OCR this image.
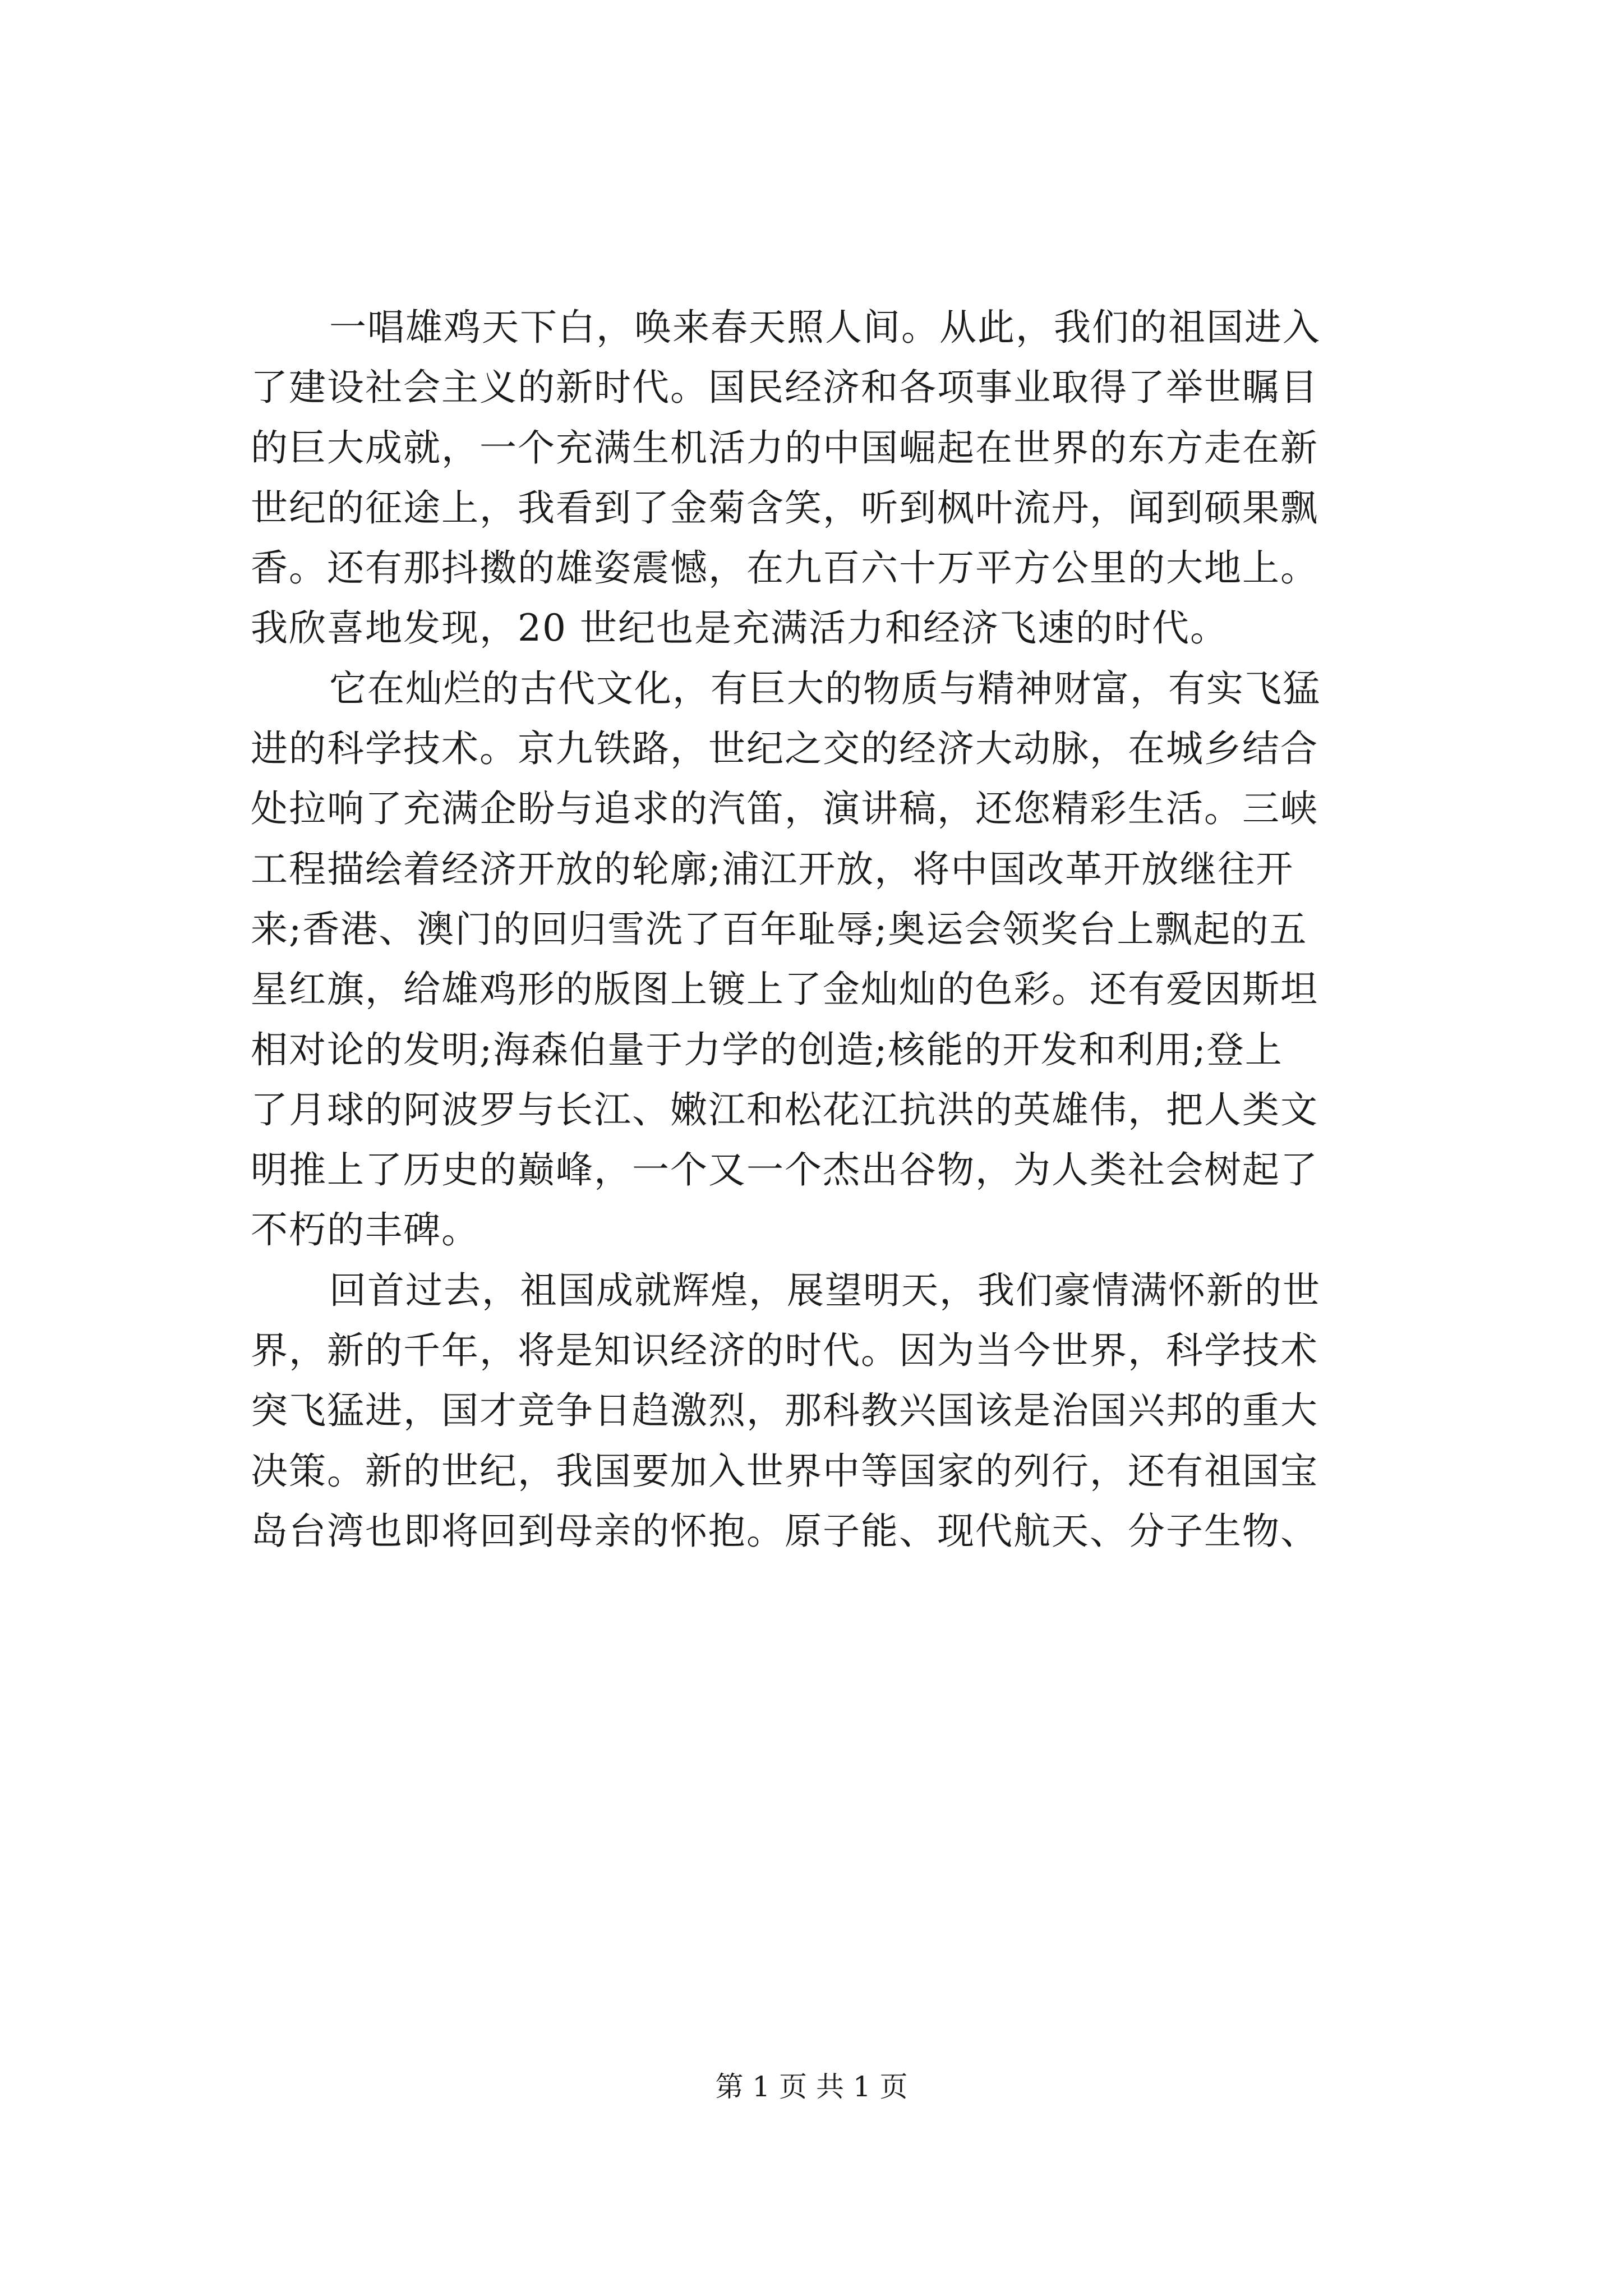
一唱雄鸡天下白，唤来春天照人间。从此，我们的祖国进入
了建设社会主义的新时代。国民经济和各项事业取得了举世瞩目
的巨大成就，一个充满生机活力的中国崛起在世界的东方走在新
世纪的征途上，我看到了金菊含笑，听到枫叶流丹，闻到硕果飘
香。还有那抖擞的雄姿震憾，在九百六十万平方公里的大地上。
我欣喜地发现，20 世纪也是充满活力和经济飞速的时代。
它在灿烂的古代文化，有巨大的物质与精神财富，有实飞猛
进的科学技术。京九铁路，世纪之交的经济大动脉，在城乡结合
处拉响了充满企盼与追求的汽笛，演讲稿，还您精彩生活。三峡
工程描绘着经济开放的轮廓;浦江开放，将中国改革开放继往开
来;香港、澳门的回归雪洗了百年耻辱;奥运会领奖台上飘起的五
星红旗，给雄鸡形的版图上镀上了金灿灿的色彩。还有爱因斯坦
相对论的发明;海森伯量于力学的创造;核能的开发和利用;登上
了月球的阿波罗与长江、嫩江和松花江抗洪的英雄伟，把人类文
明推上了历史的巅峰，一个又一个杰出谷物，为人类社会树起了
不朽的丰碑。
回首过去，祖国成就辉煌，展望明天，我们豪情满怀新的世
界，新的千年，将是知识经济的时代。因为当今世界，科学技术
突飞猛进，国才竞争日趋激烈，那科教兴国该是治国兴邦的重大
决策。新的世纪，我国要加入世界中等国家的列行，还有祖国宝
岛台湾也即将回到母亲的怀抱。原子能、现代航天、分子生物、
第 1 页 共 1 页
